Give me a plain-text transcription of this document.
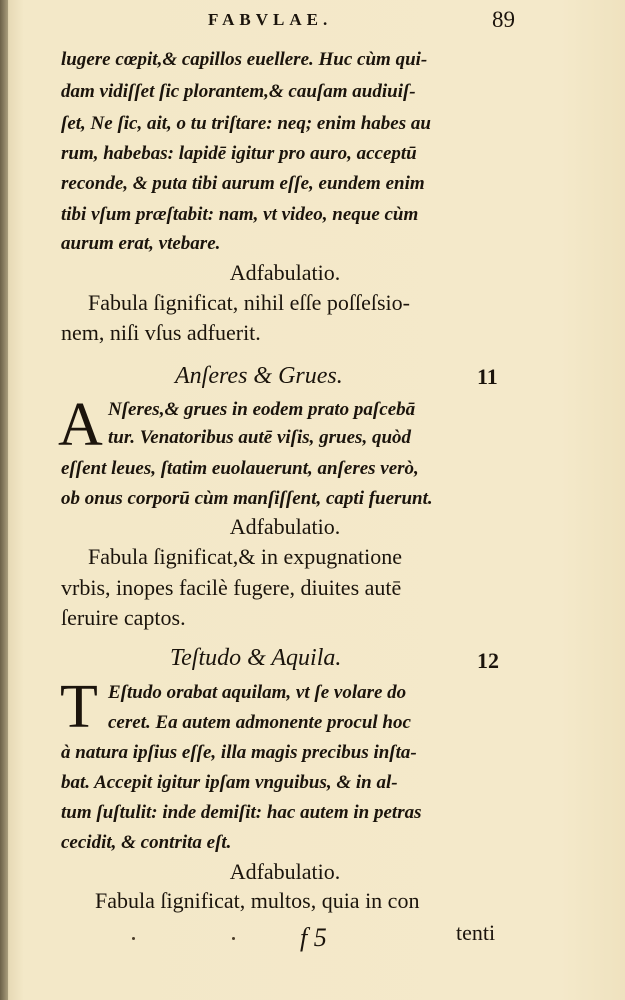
FABVLAE.	89
lugere cœpit,& capillos euellere. Huc cùm qui-
dam vidiſſet ſic plorantem,& cauſam audiuiſ-
ſet, Ne ſic, ait, o tu triſtare: neq; enim habes au
rum, habebas: lapidē igitur pro auro, acceptū
reconde, & puta tibi aurum eſſe, eundem enim
tibi vſum præſtabit: nam, vt video, neque cùm
aurum erat, vtebare.
Adfabulatio.
Fabula ſignificat, nihil eſſe poſſeſsio-
nem, niſi vſus adfuerit.
Anſeres & Grues.	11
A Nſeres,& grues in eodem prato paſcebā
tur. Venatoribus autē viſis, grues, quòd
eſſent leues, ſtatim euolauerunt, anſeres verò,
ob onus corporū cùm manſiſſent, capti fuerunt.
Adfabulatio.
Fabula ſignificat,& in expugnatione
vrbis, inopes facilè fugere, diuites autē
ſeruire captos.
Teſtudo & Aquila.	12
T Eſtudo orabat aquilam, vt ſe volare do
ceret. Ea autem admonente procul hoc
à natura ipſius eſſe, illa magis precibus inſta-
bat. Accepit igitur ipſam vnguibus, & in al-
tum ſuſtulit: inde demiſit: hac autem in petras
cecidit, & contrita eſt.
Adfabulatio.
Fabula ſignificat, multos, quia in con
f 5	tenti
